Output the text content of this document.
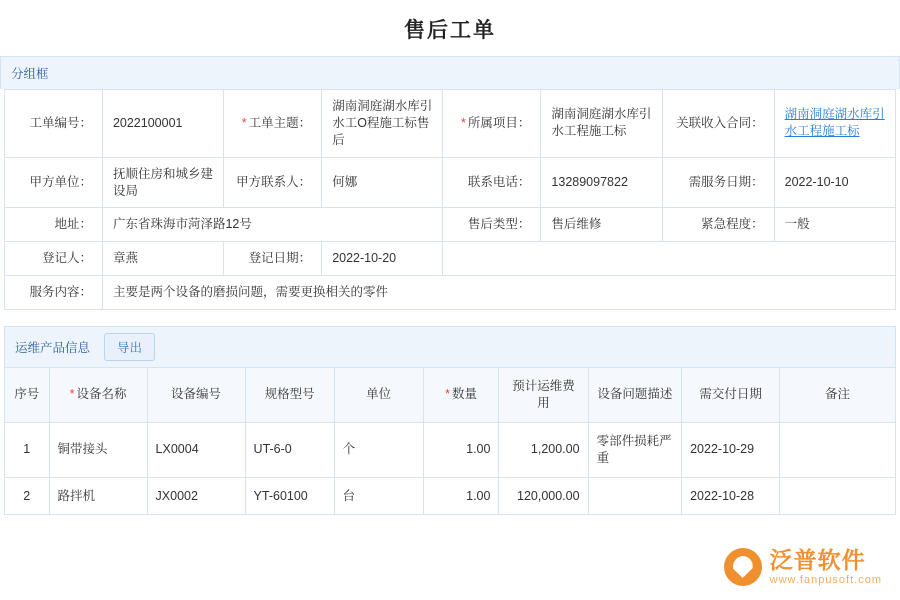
售后工单
分组框
工单编号：	2022100001	* 工单主题：	湖南洞庭湖水库引水工O程施工标售后	* 所属项目：	湖南洞庭湖水库引水工程施工标	关联收入合同：	湖南洞庭湖水库引水工程施工标
甲方单位：	抚顺住房和城乡建设局	甲方联系人：	何娜	联系电话：	13289097822	需服务日期：	2022-10-10
地址：	广东省珠海市菏泽路12号			售后类型：	售后维修	紧急程度：	一般
登记人：	章燕	登记日期：	2022-10-20				
服务内容：	主要是两个设备的磨损问题，需要更换相关的零件						
运维产品信息	导出
序号	* 设备名称	设备编号	规格型号	单位	* 数量	预计运维费用	设备问题描述	需交付日期	备注
1	铜带接头	LX0004	UT-6-0	个	1.00	1,200.00	零部件损耗严重	2022-10-29	
2	路拌机	JX0002	YT-60100	台	1.00	120,000.00		2022-10-28	
泛普软件
www.fanpusoft.com
